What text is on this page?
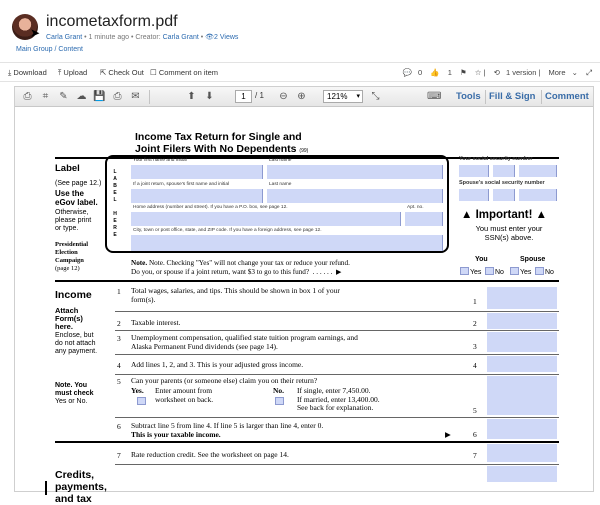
➤
incometaxform.pdf
Carla Grant • 1 minute ago • Creator: Carla Grant • 👁2 Views
Main Group / Content
⤓ Download ⤒ Upload ⇱ Check Out ☐ Comment on item	💬 0 👍 1 ⚑ ☆ | ⟲ 1 version | More ⌄ ⤢
⎙	⌗	✎ ☁ 💾 ⎙ ✉	⬆ ⬇	1	/ 1 ⊖ ⊕	121% ▾	⤡	⌨ Tools Fill & Sign Comment
Income Tax Return for Single and
Joint Filers With No Dependents (99)
Label
(See page 12.)
Use the
eGov label.
Otherwise,
please print
or type.
L
A
B
E
L

H
E
R
E
Your first name and initial	Last name	Your social security number
If a joint return, spouse's first name and initial	Last name	Spouse's social security number
Home address (number and street). If you have a P.O. box, see page 12.	Apt. no.
City, town or post office, state, and ZIP code. If you have a foreign address, see page 12.
▲ Important! ▲
You must enter your
SSN(s) above.
Presidential
Election
Campaign
(page 12)
Note. Note. Checking "Yes" will not change your tax or reduce your refund.
Do you, or spouse if a joint return, want $3 to go to this fund?  . . . . . .  ▶
You	Spouse
Yes No Yes No
Income
Attach
Form(s)
here.
Enclose, but
do not attach
any payment.
Note. You
must check
Yes or No.
Credits,
payments,
and tax
1 Total wages, salaries, and tips. This should be shown in box 1 of your
form(s).	1
2 Taxable interest.	2
3 Unemployment compensation, qualified state tuition program earnings, and
Alaska Permanent Fund dividends (see page 14).	3
4 Add lines 1, 2, and 3. This is your adjusted gross income.	4
5 Can your parents (or someone else) claim you on their return?
Yes. Enter amount from
worksheet on back.
No. If single, enter 7,450.00.
If married, enter 13,400.00.
See back for explanation.	5
6 Subtract line 5 from line 4. If line 5 is larger than line 4, enter 0.
This is your taxable income.	▶	6
7 Rate reduction credit. See the worksheet on page 14.	7
